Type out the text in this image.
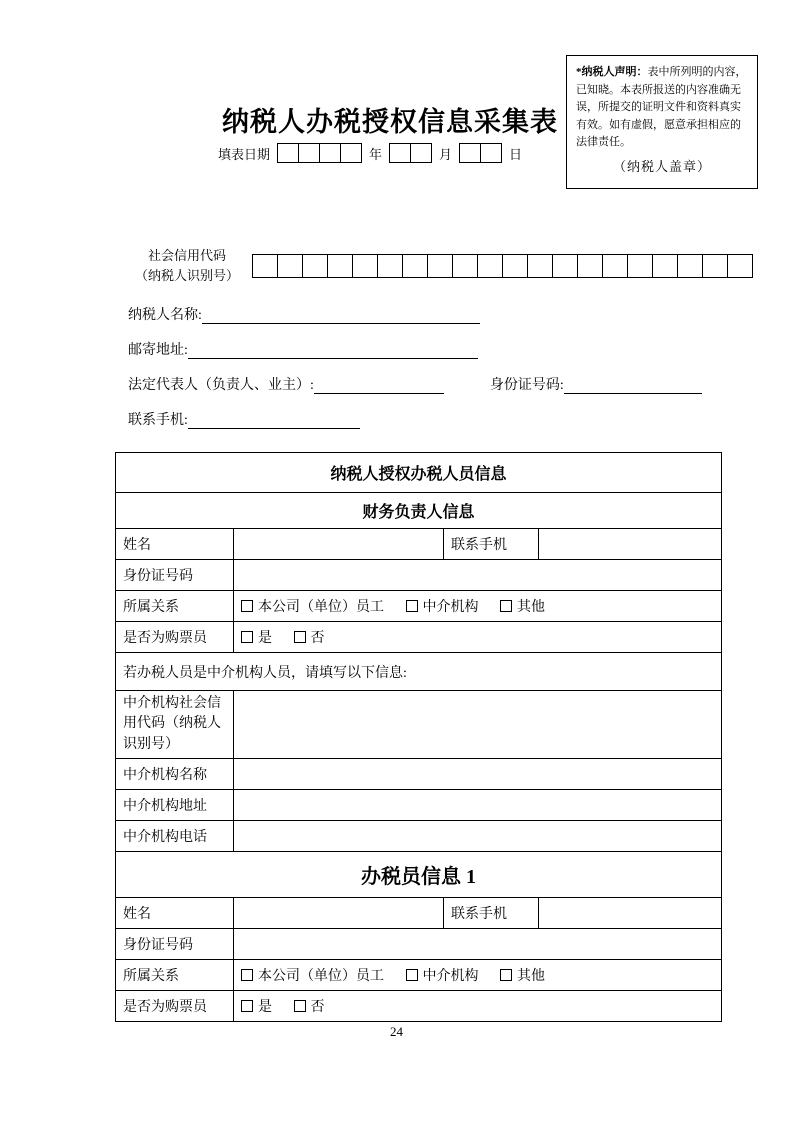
*纳税人声明：表中所列明的内容，已知晓。本表所报送的内容准确无误，所提交的证明文件和资料真实有效。如有虚假，愿意承担相应的法律责任。
（纳税人盖章）
纳税人办税授权信息采集表
填表日期	年	月	日
社会信用代码
（纳税人识别号）
纳税人名称:
邮寄地址:
法定代表人（负责人、业主）:	身份证号码:
联系手机:
纳税人授权办税人员信息			
财务负责人信息			
姓名		联系手机	
身份证号码			
所属关系	本公司（单位）员工 中介机构 其他		
是否为购票员	是 否		
若办税人员是中介机构人员，请填写以下信息:			
中介机构社会信用代码（纳税人识别号）			
中介机构名称			
中介机构地址			
中介机构电话			
办税员信息 1			
姓名		联系手机	
身份证号码			
所属关系	本公司（单位）员工 中介机构 其他		
是否为购票员	是 否		
24
